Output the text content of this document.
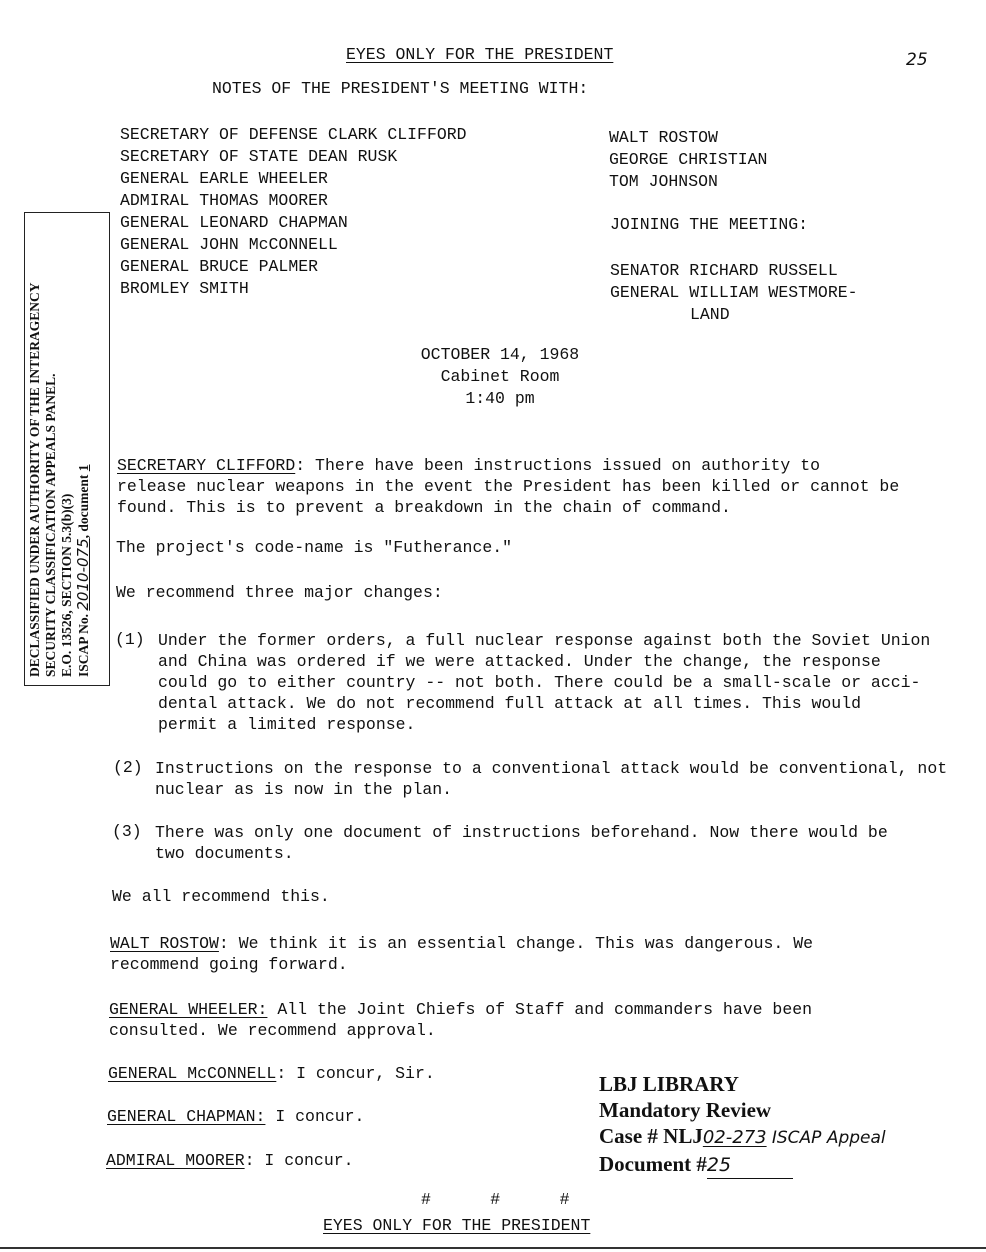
EYES ONLY FOR THE PRESIDENT	25
NOTES OF THE PRESIDENT'S MEETING WITH:
SECRETARY OF DEFENSE CLARK CLIFFORD
SECRETARY OF STATE DEAN RUSK
GENERAL EARLE WHEELER
ADMIRAL THOMAS MOORER
GENERAL LEONARD CHAPMAN
GENERAL JOHN McCONNELL
GENERAL BRUCE PALMER
BROMLEY SMITH
WALT ROSTOW
GEORGE CHRISTIAN
TOM JOHNSON
JOINING THE MEETING:
SENATOR RICHARD RUSSELL
GENERAL WILLIAM WESTMORE-
LAND
OCTOBER 14, 1968
Cabinet Room
1:40 pm
DECLASSIFIED UNDER AUTHORITY OF THE INTERAGENCY SECURITY CLASSIFICATION APPEALS PANEL. E.O. 13526, SECTION 5.3(b)(3) ISCAP No. 2010-075, document 1 SECRETARY CLIFFORD: There have been instructions issued on authority to
release nuclear weapons in the event the President has been killed or cannot be
found. This is to prevent a breakdown in the chain of command.
The project's code-name is "Futherance."
We recommend three major changes:
(1) Under the former orders, a full nuclear response against both the Soviet Union
and China was ordered if we were attacked. Under the change, the response
could go to either country -- not both. There could be a small-scale or acci-
dental attack. We do not recommend full attack at all times. This would
permit a limited response.
(2) Instructions on the response to a conventional attack would be conventional, not
nuclear as is now in the plan.
(3) There was only one document of instructions beforehand. Now there would be
two documents.
We all recommend this.
WALT ROSTOW: We think it is an essential change. This was dangerous. We
recommend going forward.
GENERAL WHEELER: All the Joint Chiefs of Staff and commanders have been
consulted. We recommend approval.
GENERAL McCONNELL: I concur, Sir.
GENERAL CHAPMAN: I concur.
ADMIRAL MOORER: I concur.
LBJ LIBRARY
Mandatory Review
Case # NLJ02-273 ISCAP Appeal
Document #25
#      #      #
EYES ONLY FOR THE PRESIDENT
